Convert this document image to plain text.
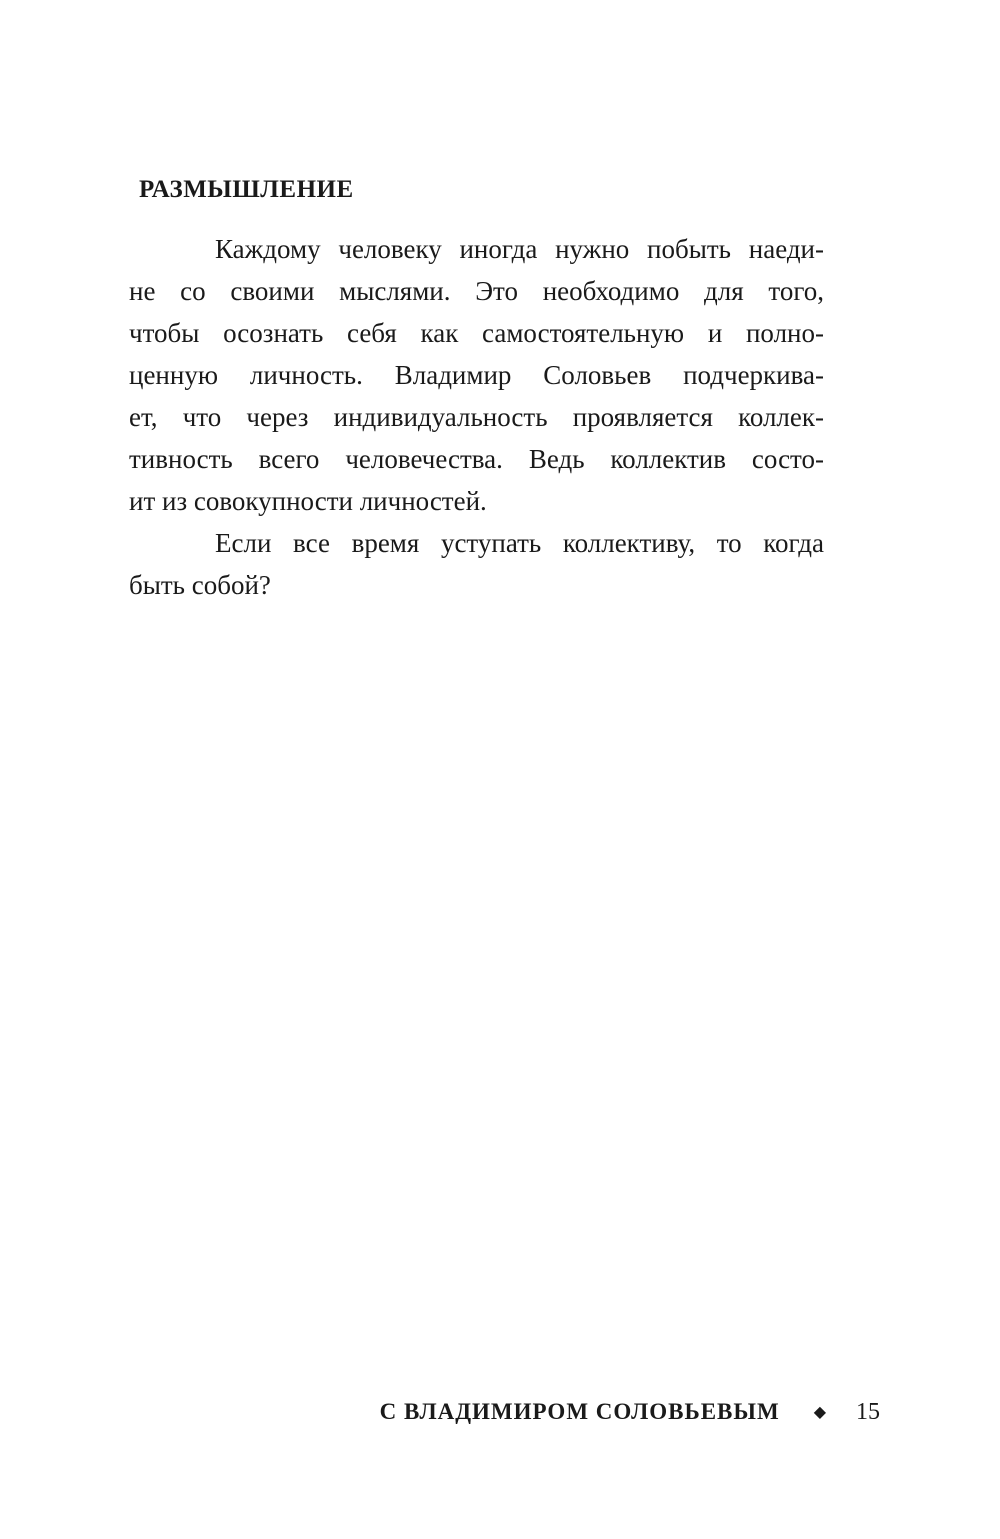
РАЗМЫШЛЕНИЕ

Каждому человеку иногда нужно побыть наеди-
не со своими мыслями. Это необходимо для того,
чтобы осознать себя как самостоятельную и полно-
ценную личность. Владимир Соловьев подчеркива-
ет, что через индивидуальность проявляется коллек-
тивность всего человечества. Ведь коллектив состо-
ит из совокупности личностей.

Если все время уступать коллективу, то когда
быть собой?

С ВЛАДИМИРОМ СОЛОВЬЕВЫМ ◆ 15
